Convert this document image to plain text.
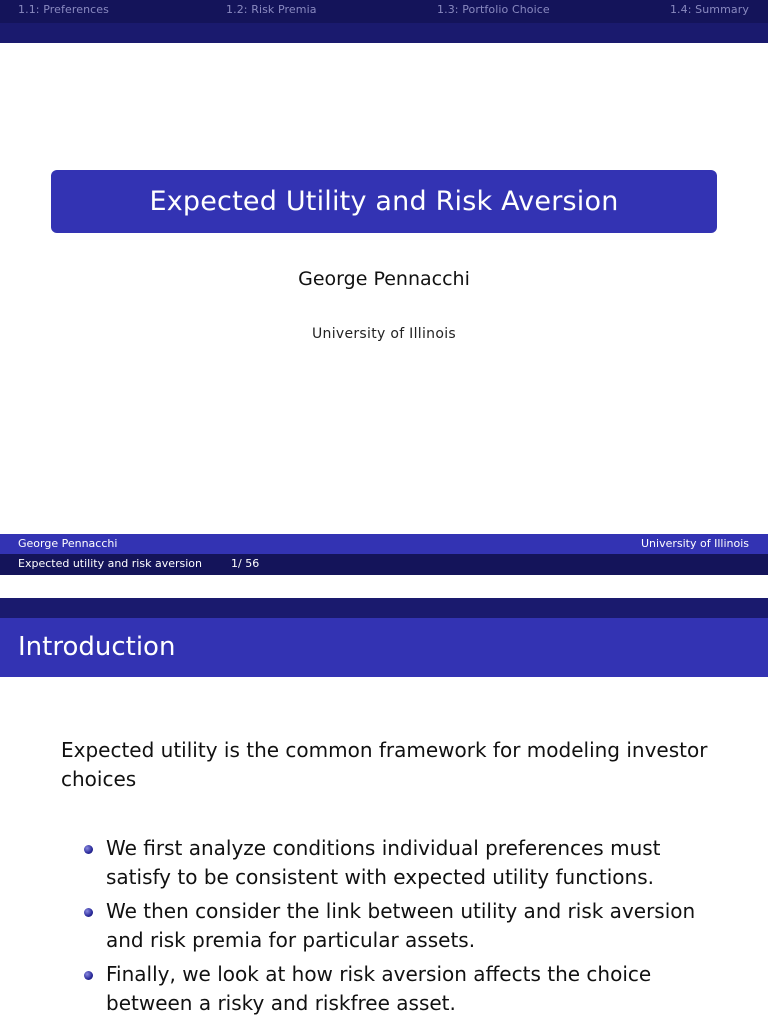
1.1: Preferences	1.2: Risk Premia	1.3: Portfolio Choice	1.4: Summary
Expected Utility and Risk Aversion
George Pennacchi
University of Illinois
George Pennacchi	University of Illinois
Expected utility and risk aversion	1/ 56
Introduction
Expected utility is the common framework for modeling investor choices
We first analyze conditions individual preferences must satisfy to be consistent with expected utility functions.
We then consider the link between utility and risk aversion and risk premia for particular assets.
Finally, we look at how risk aversion affects the choice between a risky and riskfree asset.
